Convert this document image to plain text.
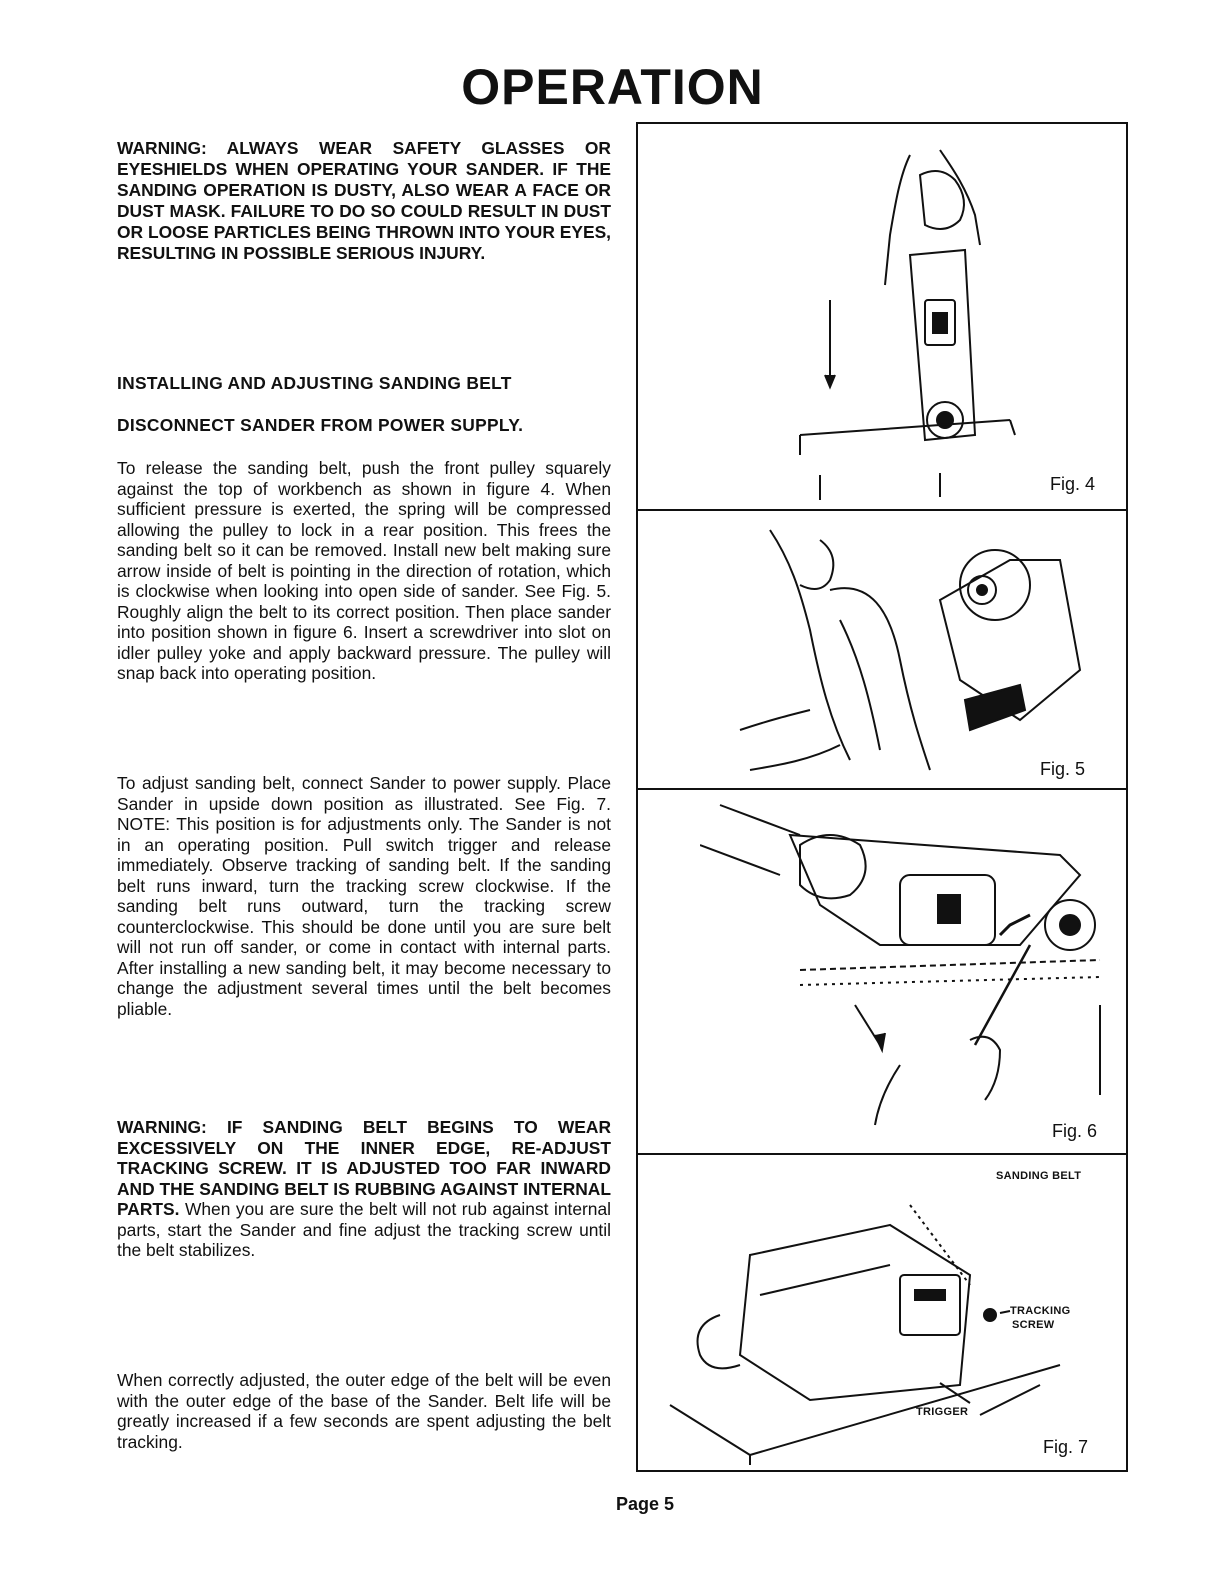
OPERATION

WARNING: ALWAYS WEAR SAFETY GLASSES OR EYESHIELDS WHEN OPERATING YOUR SANDER. IF THE SANDING OPERATION IS DUSTY, ALSO WEAR A FACE OR DUST MASK. FAILURE TO DO SO COULD RESULT IN DUST OR LOOSE PARTICLES BEING THROWN INTO YOUR EYES, RESULTING IN POSSIBLE SERIOUS INJURY.

INSTALLING AND ADJUSTING SANDING BELT

DISCONNECT SANDER FROM POWER SUPPLY.

To release the sanding belt, push the front pulley squarely against the top of workbench as shown in figure 4. When sufficient pressure is exerted, the spring will be compressed allowing the pulley to lock in a rear position. This frees the sanding belt so it can be removed. Install new belt making sure arrow inside of belt is pointing in the direction of rotation, which is clockwise when looking into open side of sander. See Fig. 5. Roughly align the belt to its correct position. Then place sander into position shown in figure 6. Insert a screwdriver into slot on idler pulley yoke and apply backward pressure. The pulley will snap back into operating position.

To adjust sanding belt, connect Sander to power supply. Place Sander in upside down position as illustrated. See Fig. 7. NOTE: This position is for adjustments only. The Sander is not in an operating position. Pull switch trigger and release immediately. Observe tracking of sanding belt. If the sanding belt runs inward, turn the tracking screw clockwise. If the sanding belt runs outward, turn the tracking screw counterclockwise. This should be done until you are sure belt will not run off sander, or come in contact with internal parts. After installing a new sanding belt, it may become necessary to change the adjustment several times until the belt becomes pliable.

WARNING: IF SANDING BELT BEGINS TO WEAR EXCESSIVELY ON THE INNER EDGE, RE-ADJUST TRACKING SCREW. IT IS ADJUSTED TOO FAR INWARD AND THE SANDING BELT IS RUBBING AGAINST INTERNAL PARTS. When you are sure the belt will not rub against internal parts, start the Sander and fine adjust the tracking screw until the belt stabilizes.

When correctly adjusted, the outer edge of the belt will be even with the outer edge of the base of the Sander. Belt life will be greatly increased if a few seconds are spent adjusting the belt tracking.

Fig. 4
Fig. 5
Fig. 6
SANDING BELT
TRACKING
SCREW
TRIGGER
Fig. 7
Page 5
